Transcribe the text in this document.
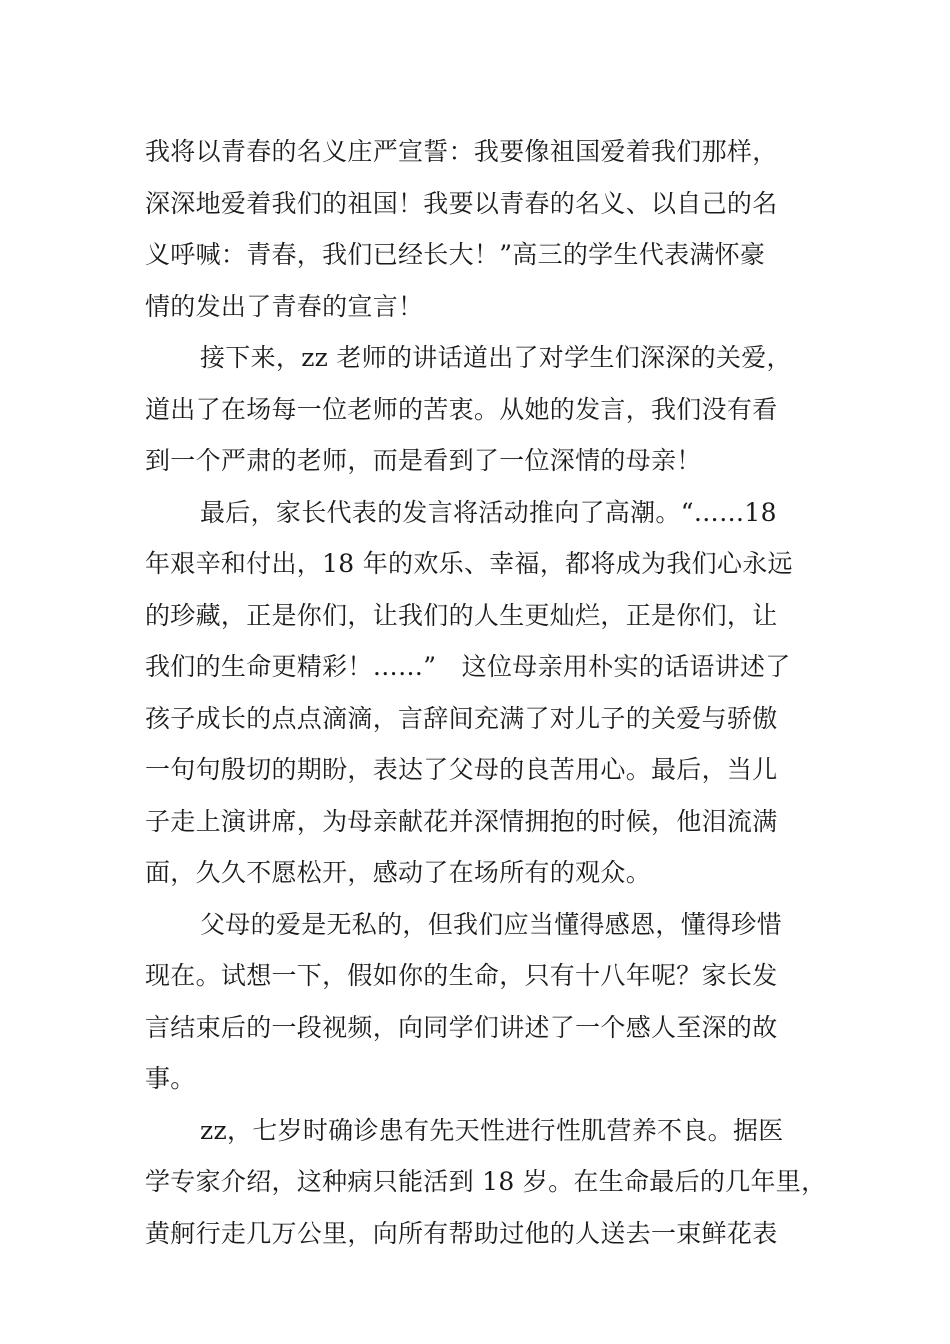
我将以青春的名义庄严宣誓：我要像祖国爱着我们那样，
深深地爱着我们的祖国！我要以青春的名义、以自己的名
义呼喊：青春，我们已经长大！”高三的学生代表满怀豪
情的发出了青春的宣言！
接下来，zz 老师的讲话道出了对学生们深深的关爱，
道出了在场每一位老师的苦衷。从她的发言，我们没有看
到一个严肃的老师，而是看到了一位深情的母亲！
最后，家长代表的发言将活动推向了高潮。“……18
年艰辛和付出，18 年的欢乐、幸福，都将成为我们心永远
的珍藏，正是你们，让我们的人生更灿烂，正是你们，让
我们的生命更精彩！……”　这位母亲用朴实的话语讲述了
孩子成长的点点滴滴，言辞间充满了对儿子的关爱与骄傲
一句句殷切的期盼，表达了父母的良苦用心。最后，当儿
子走上演讲席，为母亲献花并深情拥抱的时候，他泪流满
面，久久不愿松开，感动了在场所有的观众。
父母的爱是无私的，但我们应当懂得感恩，懂得珍惜
现在。试想一下，假如你的生命，只有十八年呢？家长发
言结束后的一段视频，向同学们讲述了一个感人至深的故
事。
zz，七岁时确诊患有先天性进行性肌营养不良。据医
学专家介绍，这种病只能活到 18 岁。在生命最后的几年里，
黄舸行走几万公里，向所有帮助过他的人送去一束鲜花表
